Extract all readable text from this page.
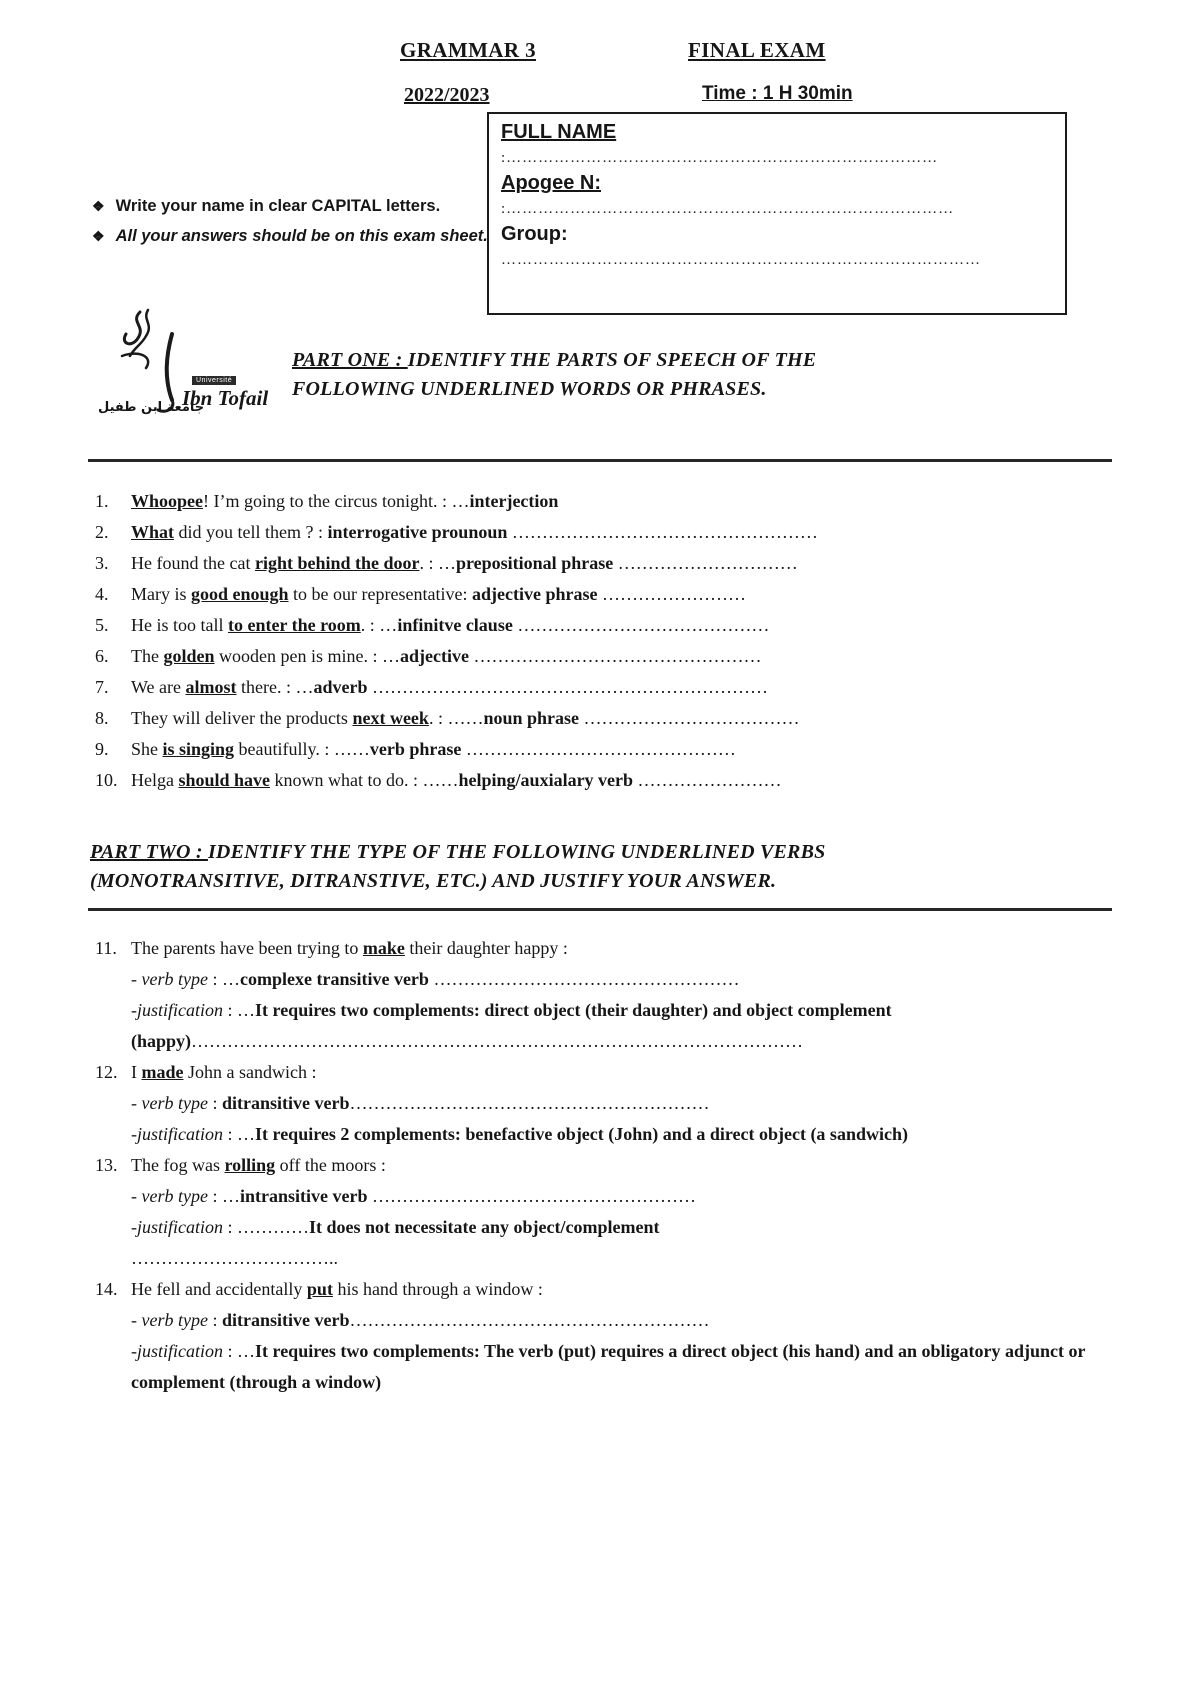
GRAMMAR 3	FINAL EXAM
2022/2023	Time : 1 H 30min
FULL NAME
:………………………………………………………………………
Apogee N:
:…………………………………………………………………………
Group:
………………………………………………………………………………
❖ Write your name in clear CAPITAL letters.
❖ All your answers should be on this exam sheet.
Université
Ibn Tofail
جامعة ابن طفيل
PART ONE : IDENTIFY THE PARTS OF SPEECH OF THE FOLLOWING UNDERLINED WORDS OR PHRASES.
1.	Whoopee! I’m going to the circus tonight. : …interjection
2.	What did you tell them ? : interrogative prounoun ……………………………………………
3.	He found the cat right behind the door. : …prepositional phrase …………………………
4.	Mary is good enough to be our representative: adjective phrase ……………………
5.	He is too tall to enter the room. : …infinitve clause ……………………………………
6.	The golden wooden pen is mine. : …adjective …………………………………………
7.	We are almost there. : …adverb …………………………………………………………
8.	They will deliver the products next week. : ……noun phrase ………………………………
9.	She is singing beautifully. : ……verb phrase ………………………………………
10. Helga should have known what to do. : ……helping/auxialary verb ……………………
PART TWO : IDENTIFY THE TYPE OF THE FOLLOWING UNDERLINED VERBS (MONOTRANSITIVE, DITRANSTIVE, ETC.) AND JUSTIFY YOUR ANSWER.
11. The parents have been trying to make their daughter happy :
- verb type : …complexe transitive verb ……………………………………………
-justification : …It requires two complements: direct object (their daughter) and object complement (happy)…………………………………………………………………………………………
12. I made John a sandwich :
- verb type : ditransitive verb……………………………………………………
-justification : …It requires 2 complements: benefactive object (John) and a direct object (a sandwich)
13. The fog was rolling off the moors :
- verb type : …intransitive verb ………………………………………………
-justification : …………It does not necessitate any object/complement
……………………………..
14. He fell and accidentally put his hand through a window :
- verb type : ditransitive verb……………………………………………………
-justification : …It requires two complements: The verb (put) requires a direct object (his hand) and an obligatory adjunct or complement (through a window)
